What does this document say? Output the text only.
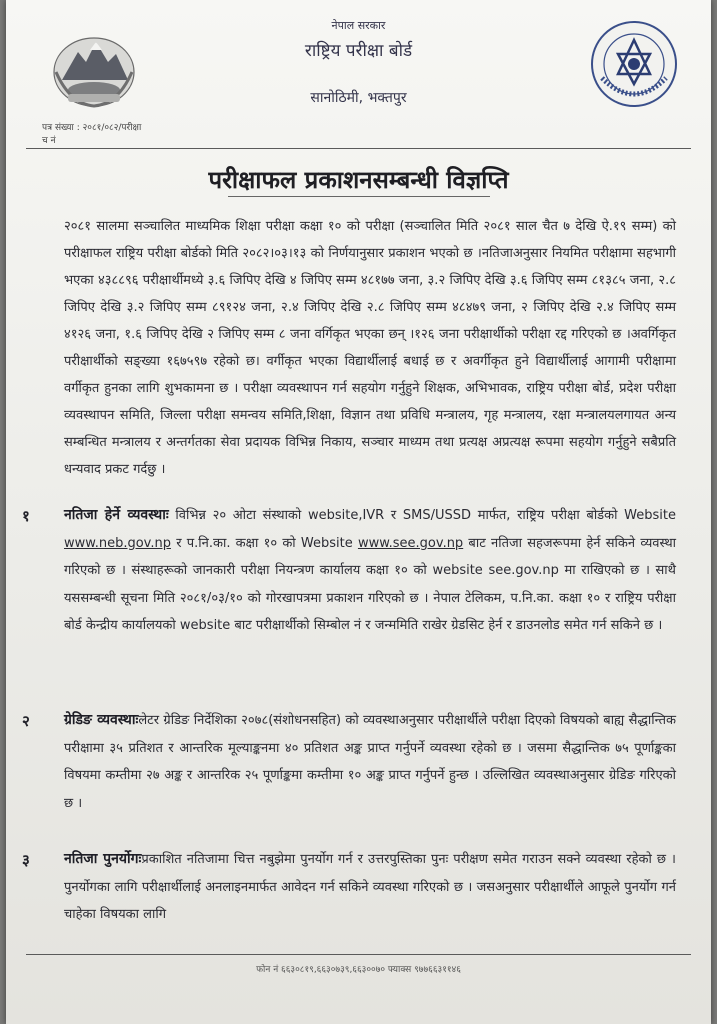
नेपाल सरकार
राष्ट्रिय परीक्षा बोर्ड
सानोठिमी, भक्तपुर
पत्र संख्या : २०८१/०८२/परीक्षा
च नं
परीक्षाफल प्रकाशनसम्बन्धी विज्ञप्ति
२०८१ सालमा सञ्चालित माध्यमिक शिक्षा परीक्षा कक्षा १० को परीक्षा (सञ्चालित मिति २०८१ साल चैत ७ देखि ऐ.१९ सम्म) को परीक्षाफल राष्ट्रिय परीक्षा बोर्डको मिति २०८२।०३।१३ को निर्णयानुसार प्रकाशन भएको छ ।नतिजाअनुसार नियमित परीक्षामा सहभागी भएका ४३८८९६ परीक्षार्थीमध्ये ३.६ जिपिए देखि ४ जिपिए सम्म ४८१७७ जना, ३.२ जिपिए देखि ३.६ जिपिए सम्म ८१३८५ जना, २.८ जिपिए देखि ३.२ जिपिए सम्म ८९१२४ जना, २.४ जिपिए देखि २.८ जिपिए सम्म ४८४७९ जना, २ जिपिए देखि २.४ जिपिए सम्म ४१२६ जना, १.६ जिपिए देखि २ जिपिए सम्म ८ जना वर्गिकृत भएका छन् ।१२६ जना परीक्षार्थीको परीक्षा रद्द गरिएको छ ।अवर्गिकृत परीक्षार्थीको सङ्ख्या १६७५९७ रहेको छ। वर्गीकृत भएका विद्यार्थीलाई बधाई छ र अवर्गीकृत हुने विद्यार्थीलाई आगामी परीक्षामा वर्गीकृत हुनका लागि शुभकामना छ । परीक्षा व्यवस्थापन गर्न सहयोग गर्नुहुने शिक्षक, अभिभावक, राष्ट्रिय परीक्षा बोर्ड, प्रदेश परीक्षा व्यवस्थापन समिति, जिल्ला परीक्षा समन्वय समिति,शिक्षा, विज्ञान तथा प्रविधि मन्त्रालय, गृह मन्त्रालय, रक्षा मन्त्रालयलगायत अन्य सम्बन्धित मन्त्रालय र अन्तर्गतका सेवा प्रदायक विभिन्न निकाय, सञ्चार माध्यम तथा प्रत्यक्ष अप्रत्यक्ष रूपमा सहयोग गर्नुहुने सबैप्रति धन्यवाद प्रकट गर्दछु ।
१ नतिजा हेर्ने व्यवस्थाः विभिन्न २० ओटा संस्थाको website,IVR र SMS/USSD मार्फत, राष्ट्रिय परीक्षा बोर्डको Website www.neb.gov.np र प.नि.का. कक्षा १० को Website www.see.gov.np बाट नतिजा सहजरूपमा हेर्न सकिने व्यवस्था गरिएको छ । संस्थाहरूको जानकारी परीक्षा नियन्त्रण कार्यालय कक्षा १० को website see.gov.np मा राखिएको छ । साथै यससम्बन्धी सूचना मिति २०८१/०३/१० को गोरखापत्रमा प्रकाशन गरिएको छ । नेपाल टेलिकम, प.नि.का. कक्षा १० र राष्ट्रिय परीक्षा बोर्ड केन्द्रीय कार्यालयको website बाट परीक्षार्थीको सिम्बोल नं र जन्ममिति राखेर ग्रेडसिट हेर्न र डाउनलोड समेत गर्न सकिने छ ।
२ ग्रेडिङ व्यवस्थाःलेटर ग्रेडिङ निर्देशिका २०७८(संशोधनसहित) को व्यवस्थाअनुसार परीक्षार्थीले परीक्षा दिएको विषयको बाह्य सैद्धान्तिक परीक्षामा ३५ प्रतिशत र आन्तरिक मूल्याङ्कनमा ४० प्रतिशत अङ्क प्राप्त गर्नुपर्ने व्यवस्था रहेको छ । जसमा सैद्धान्तिक ७५ पूर्णाङ्कका विषयमा कम्तीमा २७ अङ्क र आन्तरिक २५ पूर्णाङ्कमा कम्तीमा १० अङ्क प्राप्त गर्नुपर्ने हुन्छ । उल्लिखित व्यवस्थाअनुसार ग्रेडिङ गरिएको छ ।
३ नतिजा पुनर्योगःप्रकाशित नतिजामा चित्त नबुझेमा पुनर्योग गर्न र उत्तरपुस्तिका पुनः परीक्षण समेत गराउन सक्ने व्यवस्था रहेको छ । पुनर्योगका लागि परीक्षार्थीलाई अनलाइनमार्फत आवेदन गर्न सकिने व्यवस्था गरिएको छ । जसअनुसार परीक्षार्थीले आफूले पुनर्योग गर्न चाहेका विषयका लागि
फोन नं ६६३०८१९,६६३०७३९,६६३००७० फ्याक्स ९७७६६३११४६
